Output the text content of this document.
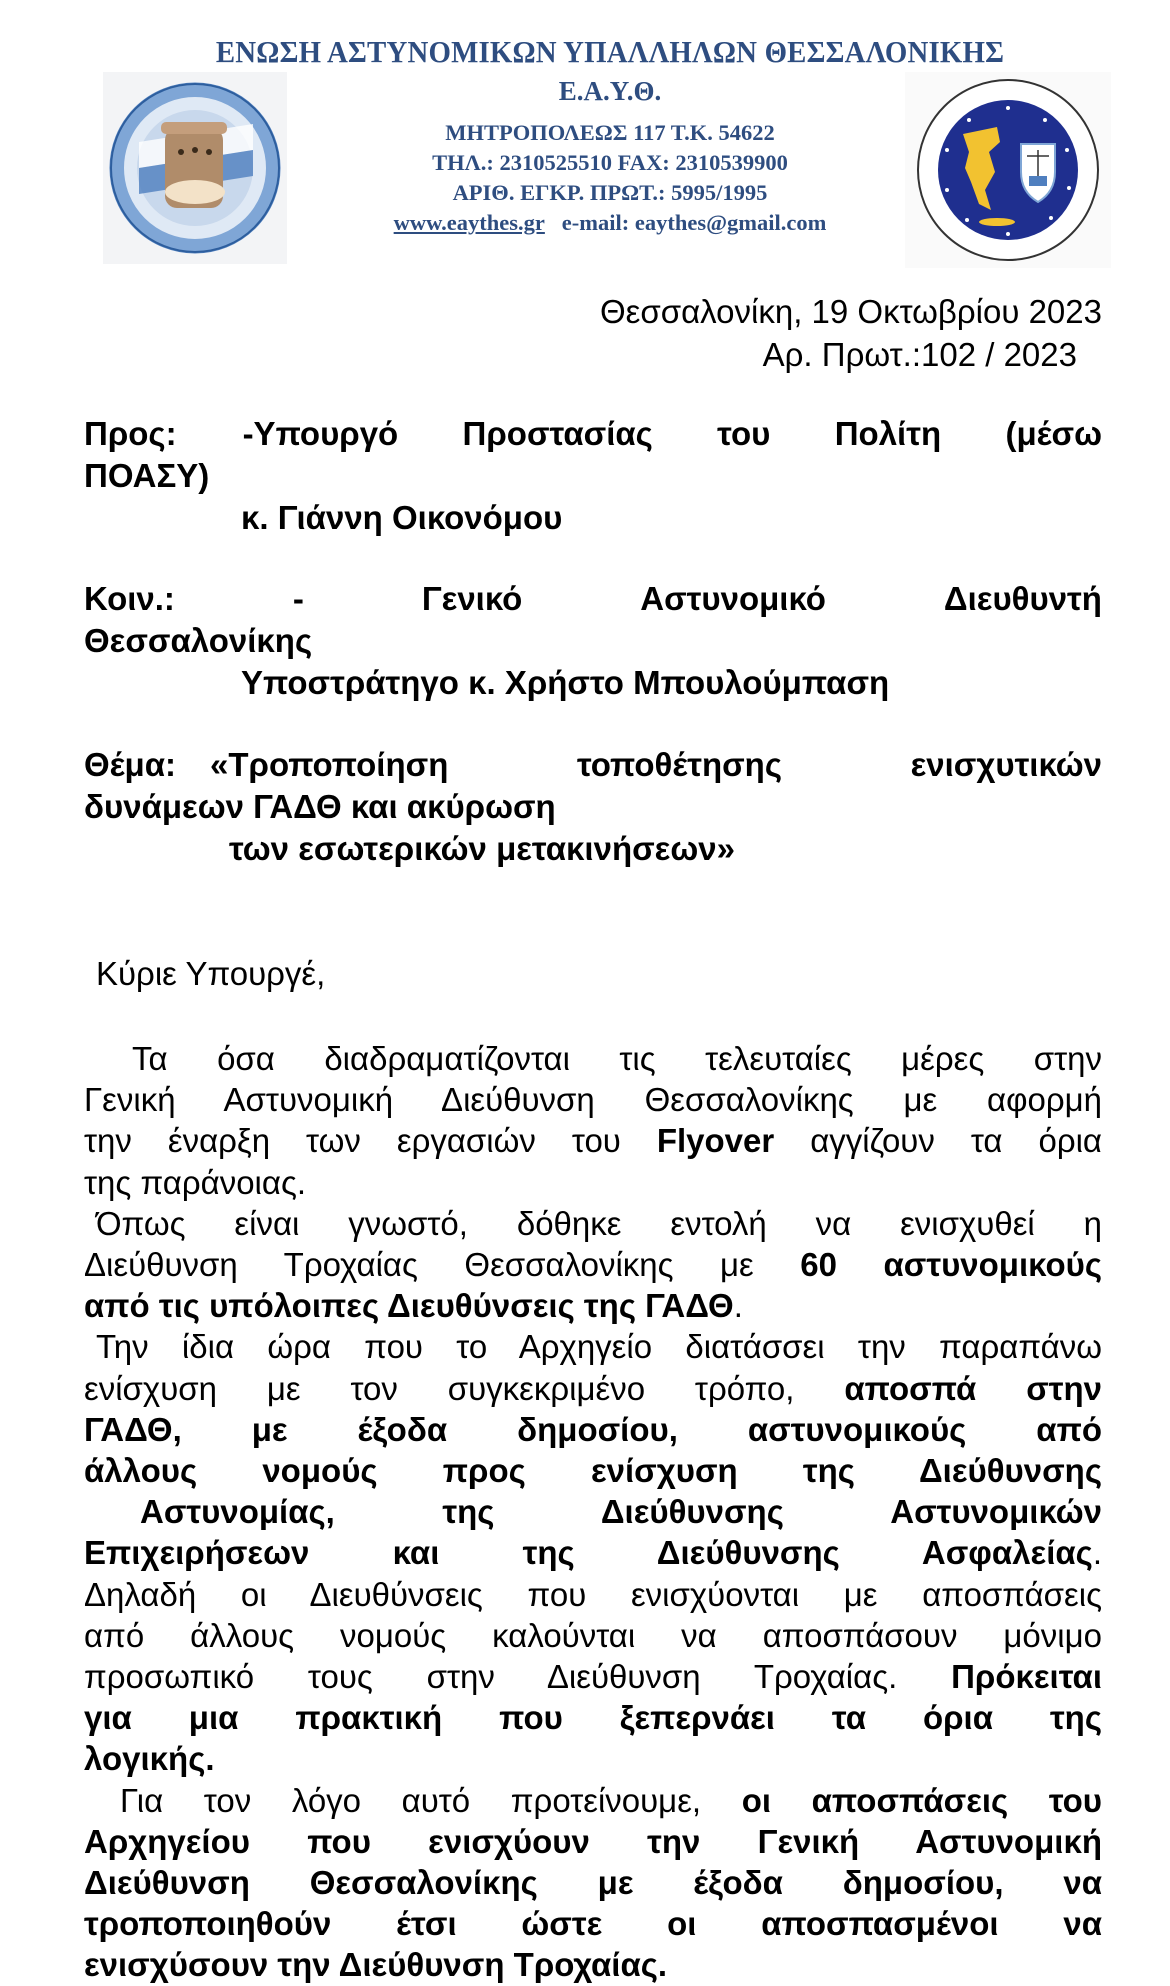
ΕΝΩΣΗ ΑΣΤΥΝΟΜΙΚΩΝ ΥΠΑΛΛΗΛΩΝ ΘΕΣΣΑΛΟΝΙΚΗΣ
Ε.Α.Υ.Θ.
ΜΗΤΡΟΠΟΛΕΩΣ 117 Τ.Κ. 54622
ΤΗΛ.: 2310525510 FAX: 2310539900
ΑΡΙΘ. ΕΓΚΡ. ΠΡΩΤ.: 5995/1995
www.eaythes.gr e-mail: eaythes@gmail.com
Θεσσαλονίκη, 19 Οκτωβρίου 2023
Αρ. Πρωτ.:102 / 2023
Προς: -Υπουργό Προστασίας του Πολίτη (μέσω
ΠΟΑΣΥ)
κ. Γιάννη Οικονόμου
Κοιν.:	-	Γενικό	Αστυνομικό	Διευθυντή
Θεσσαλονίκης
Υποστράτηγο κ. Χρήστο Μπουλούμπαση
Θέμα: «Τροποποίηση τοποθέτησης ενισχυτικών
δυνάμεων ΓΑΔΘ και ακύρωση
των εσωτερικών μετακινήσεων»
Κύριε Υπουργέ,
Τα όσα διαδραματίζονται τις τελευταίες μέρες στην
Γενική Αστυνομική Διεύθυνση Θεσσαλονίκης με αφορμή
την έναρξη των εργασιών του Flyover αγγίζουν τα όρια
της παράνοιας.
Όπως είναι γνωστό, δόθηκε εντολή να ενισχυθεί η
Διεύθυνση Τροχαίας Θεσσαλονίκης με 60 αστυνομικούς
από τις υπόλοιπες Διευθύνσεις της ΓΑΔΘ.
Την ίδια ώρα που το Αρχηγείο διατάσσει την παραπάνω
ενίσχυση με τον συγκεκριμένο τρόπο, αποσπά στην
ΓΑΔΘ, με έξοδα δημοσίου, αστυνομικούς από
άλλους νομούς προς ενίσχυση της Διεύθυνσης
Αστυνομίας, της Διεύθυνσης Αστυνομικών
Επιχειρήσεων και της Διεύθυνσης Ασφαλείας.
Δηλαδή οι Διευθύνσεις που ενισχύονται με αποσπάσεις
από άλλους νομούς καλούνται να αποσπάσουν μόνιμο
προσωπικό τους στην Διεύθυνση Τροχαίας. Πρόκειται
για μια πρακτική που ξεπερνάει τα όρια της
λογικής.
Για τον λόγο αυτό προτείνουμε, οι αποσπάσεις του
Αρχηγείου που ενισχύουν την Γενική Αστυνομική
Διεύθυνση Θεσσαλονίκης με έξοδα δημοσίου, να
τροποποιηθούν έτσι ώστε οι αποσπασμένοι να
ενισχύσουν την Διεύθυνση Τροχαίας.
